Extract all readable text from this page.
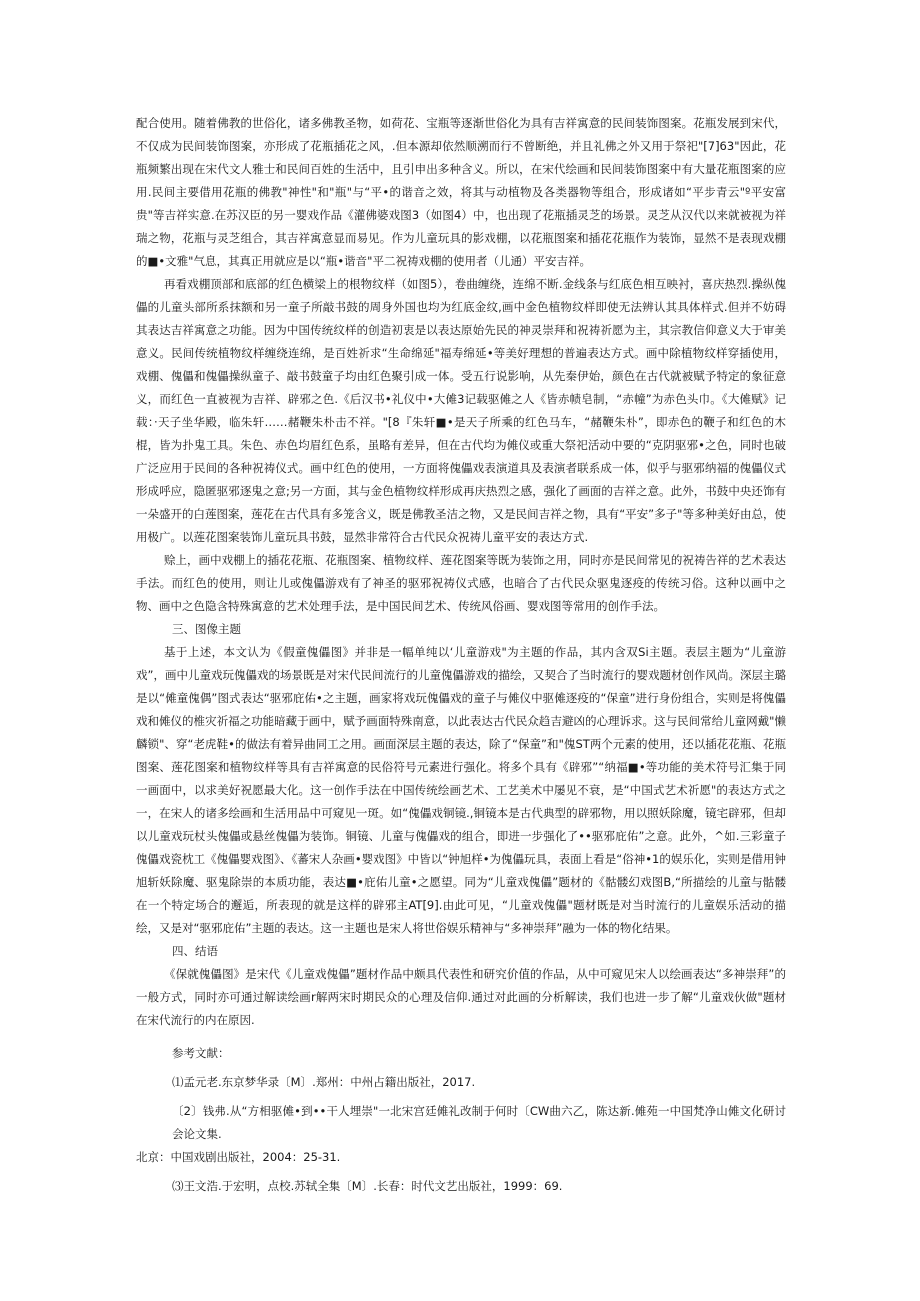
配合使用。随着佛教的世俗化，诸多佛教圣物，如荷花、宝瓶等逐渐世俗化为具有吉祥寓意的民间装饰图案。花瓶发展到宋代，不仅成为民间装饰图案，亦形成了花瓶插花之风，.但本源却依然顺溯而行不曾断绝，并且礼佛之外又用于祭祀"[7]63"因此，花瓶频繁出现在宋代文人雅士和民间百姓的生活中，且引申出多种含义。所以，在宋代绘画和民间装饰图案中有大量花瓶图案的应用.民间主要借用花瓶的佛教"神性"和"瓶"与“平•的谐音之效，将其与动植物及各类器物等组合，形成诸如“平步青云"º平安富贵"等吉祥实意.在苏汉臣的另一婴戏作品《灌佛婆戏图3（如图4）中，也出现了花瓶插灵芝的场景。灵芝从汉代以来就被视为祥瑞之物，花瓶与灵芝组合，其吉祥寓意显而易见。作为儿童玩具的影戏棚，以花瓶图案和插花花瓶作为装饰，显然不是表现戏棚的■•文雅"气息，其真正用就应是以“瓶•谐音"平二祝祷戏棚的使用者（儿通）平安吉祥。

再看戏棚顶部和底部的红色横梁上的根物纹样（如图5），卷曲缠绕，连绵不断.金线条与红底色相互映衬，喜庆热烈.操纵傀儡的儿童头部所系抹额和另一童子所敲书鼓的周身外国也均为红底金纹,画中金色植物纹样即使无法辨认其具体样式.但并不妨碍其表达吉祥寓意之功能。因为中国传统纹样的创造初衷是以表达原始先民的神灵崇拜和祝祷祈愿为主，其宗教信仰意义大于审美意义。民间传统植物纹样缠绕连绵，是百姓祈求“生命绵延"福寿绵延•等美好理想的普遍表达方式。画中除植物纹样穿插使用，戏棚、傀儡和傀儡操纵童子、敲书鼓童子均由红色聚引成一体。受五行说影响，从先秦伊始，颜色在古代就被赋予特定的象征意义，而红色一直被视为吉祥、辟邪之色.《后汉书•礼仪中•大傩3记载驱傩之人《皆赤帻皂制，“赤幢”为赤色头巾。《大傩赋》记载：·天子坐华殿，临朱轩……赭鞭朱朴击不祥。"[8『朱轩■•是天子所乘的红色马车，“赭鞭朱朴”，即赤色的鞭子和红色的木棍，皆为扑鬼工具。朱色、赤色均眉红色系，虽略有差异，但在古代均为傩仪或重大祭祀活动中要的“克阴驱邪•之色，同时也破广泛应用于民间的各种祝祷仪式。画中红色的使用，一方面将傀儡戏表演道具及表演者联系成一体，似乎与驱邪纳福的傀儡仪式形成呼应，隐匿驱邪逐鬼之意;另一方面，其与金色植物纹样形成再庆热烈之感，强化了画面的吉祥之意。此外，书鼓中央还饰有一朵盛开的白莲图案，莲花在古代具有多笼含义，既是佛教圣洁之物，又是民间吉祥之物，具有“平安”多子"等多种美好由总，使用极广。以莲花图案装饰儿童玩具书鼓，显然非常符合古代民众祝祷儿童平安的表达方式.

赊上，画中戏棚上的插花花瓶、花瓶图案、植物纹样、莲花图案等既为装饰之用，同时亦是民间常见的祝祷告祥的艺术表达手法。而红色的使用，则让儿或傀儡游戏有了神圣的驱邪祝祷仪式感，也暗合了古代民众驱鬼逐疫的传统习俗。这种以画中之物、画中之色隐含特殊寓意的艺术处理手法，是中国民间艺术、传统风俗画、婴戏图等常用的创作手法。

三、图像主题

基于上述，本文认为《假童傀儡图》并非是一幅单纯以‘儿童游戏"为主题的作品，其内含双Si主题。表层主题为“儿童游戏”，画中儿童戏玩傀儡戏的场景既是对宋代民间流行的儿童傀儡游戏的描绘，又契合了当时流行的婴戏题材创作风尚。深层主璐是以“傩童傀偶”图式表达“驱邪庇佑•之主题，画家将戏玩傀儡戏的童子与傩仪中驱傩逐疫的“保童”进行身份组合，实则是将傀儡戏和傩仪的椎灾祈福之功能暗藏于画中，赋予画面特殊南意，以此表达古代民众趋吉避凶的心理诉求。这与民间常给儿童网戴"懒麟锁"、穿“老虎鞋•的做法有着异曲同工之用。画面深层主题的表达，除了“保童”和"傀ST两个元素的使用，还以插花花瓶、花瓶图案、莲花图案和植物纹样等具有吉祥寓意的民俗符号元素进行强化。将多个具有《辟邪”“纳福■•等功能的美术符号汇集于同一画面中，以求美好祝愿最大化。这一创作手法在中国传统绘画艺术、工艺美术中屡见不衰，是“中国式艺术祈愿"的表达方式之一，在宋人的诸多绘画和生活用品中可窥见一斑。如“傀儡戏铜镜.,铜镜本是古代典型的辟邪物，用以照妖除魔，镜宅辟邪，但却以儿童戏玩杖头傀儡或悬丝傀儡为装饰。铜镜、儿童与傀儡戏的组合，即进一步强化了••驱邪庇佑”之意。此外，^如.三彩童子傀儡戏瓷枕工《傀儡婴戏图》、《蕃宋人杂画•婴戏图》中皆以“钟旭样•为傀儡玩具，表面上看是“俗神•1的娱乐化，实则是借用钟旭斩妖除魔、驱鬼除崇的本质功能，表达■•庇佑儿童•之愿望。同为“儿童戏傀儡”题材的《骷髅幻戏图B,“所描绘的儿童与骷髅在一个特定场合的邂逅，所表现的就是这样的辟邪主AT[9].由此可见，“儿童戏傀儡"题材既是对当时流行的儿童娱乐活动的描绘，又是对“驱邪庇佑”主题的表达。这一主题也是宋人将世俗娱乐精神与“多神崇拜”融为一体的物化结果。

四、结语

《保就傀儡图》是宋代《儿童戏傀儡”题材作品中颇具代表性和研究价值的作品，从中可窥见宋人以绘画表达“多神崇拜”的一般方式，同时亦可通过解读绘画r解两宋时期民众的心理及信仰.通过对此画的分析解读，我们也进一步了解“儿童戏伙做"题材在宋代流行的内在原因.

参考文献：

⑴孟元老.东京梦华录〔M〕.郑州：中州占籍出版社，2017.

〔2〕钱弗.从“方相驱傩•到••干人埋崇"一北宋宫廷傩礼改制于何时〔CW曲六乙，陈达新.傩苑一中国梵净山傩文化研讨会论文集.

北京：中国戏剧出版社，2004：25-31.

⑶王文浩.于宏明，点校.苏轼全集〔M〕.长春：时代文艺出版社，1999：69.
